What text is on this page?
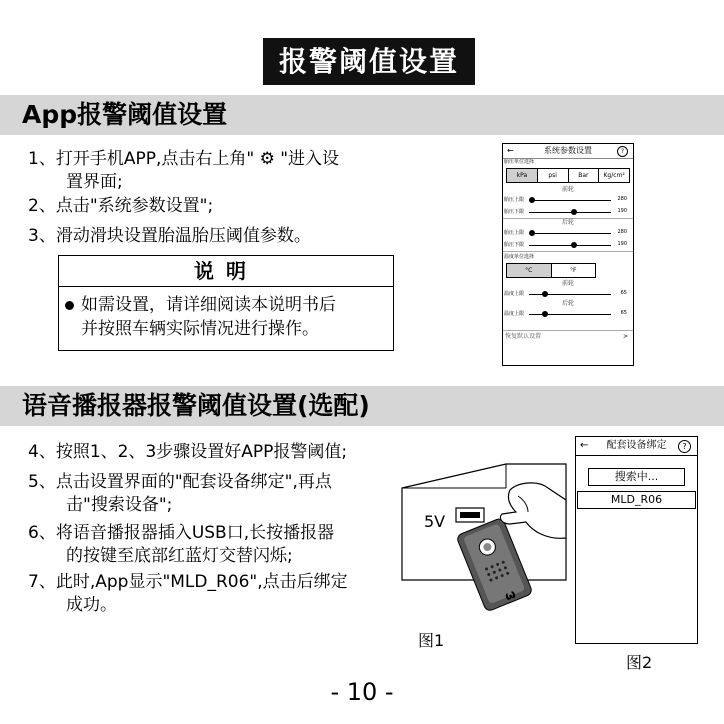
报警阈值设置
App报警阈值设置
1、打开手机APP,点击右上角" ⚙ "进入设
置界面;
2、点击"系统参数设置";
3、滑动滑块设置胎温胎压阈值参数。
说明
如需设置，请详细阅读本说明书后
并按照车辆实际情况进行操作。
←	系统参数设置	?
胎压单位选择
kPa	psi	Bar	Kg/cm²
前轮
胎压上限	280
胎压下限	190
后轮
胎压上限	280
胎压下限	190
温度单位选择
°C	°F
前轮
温度上限	65
后轮
温度上限	65
恢复默认设置	>
语音播报器报警阈值设置(选配)
4、按照1、2、3步骤设置好APP报警阈值;
5、点击设置界面的"配套设备绑定",再点
击"搜索设备";
6、将语音播报器插入USB口,长按播报器
的按键至底部红蓝灯交替闪烁;
7、此时,App显示"MLD_R06",点击后绑定
成功。
5V
ω
图1
← 配套设备绑定	?
搜索中...
MLD_R06
图2
- 10 -
